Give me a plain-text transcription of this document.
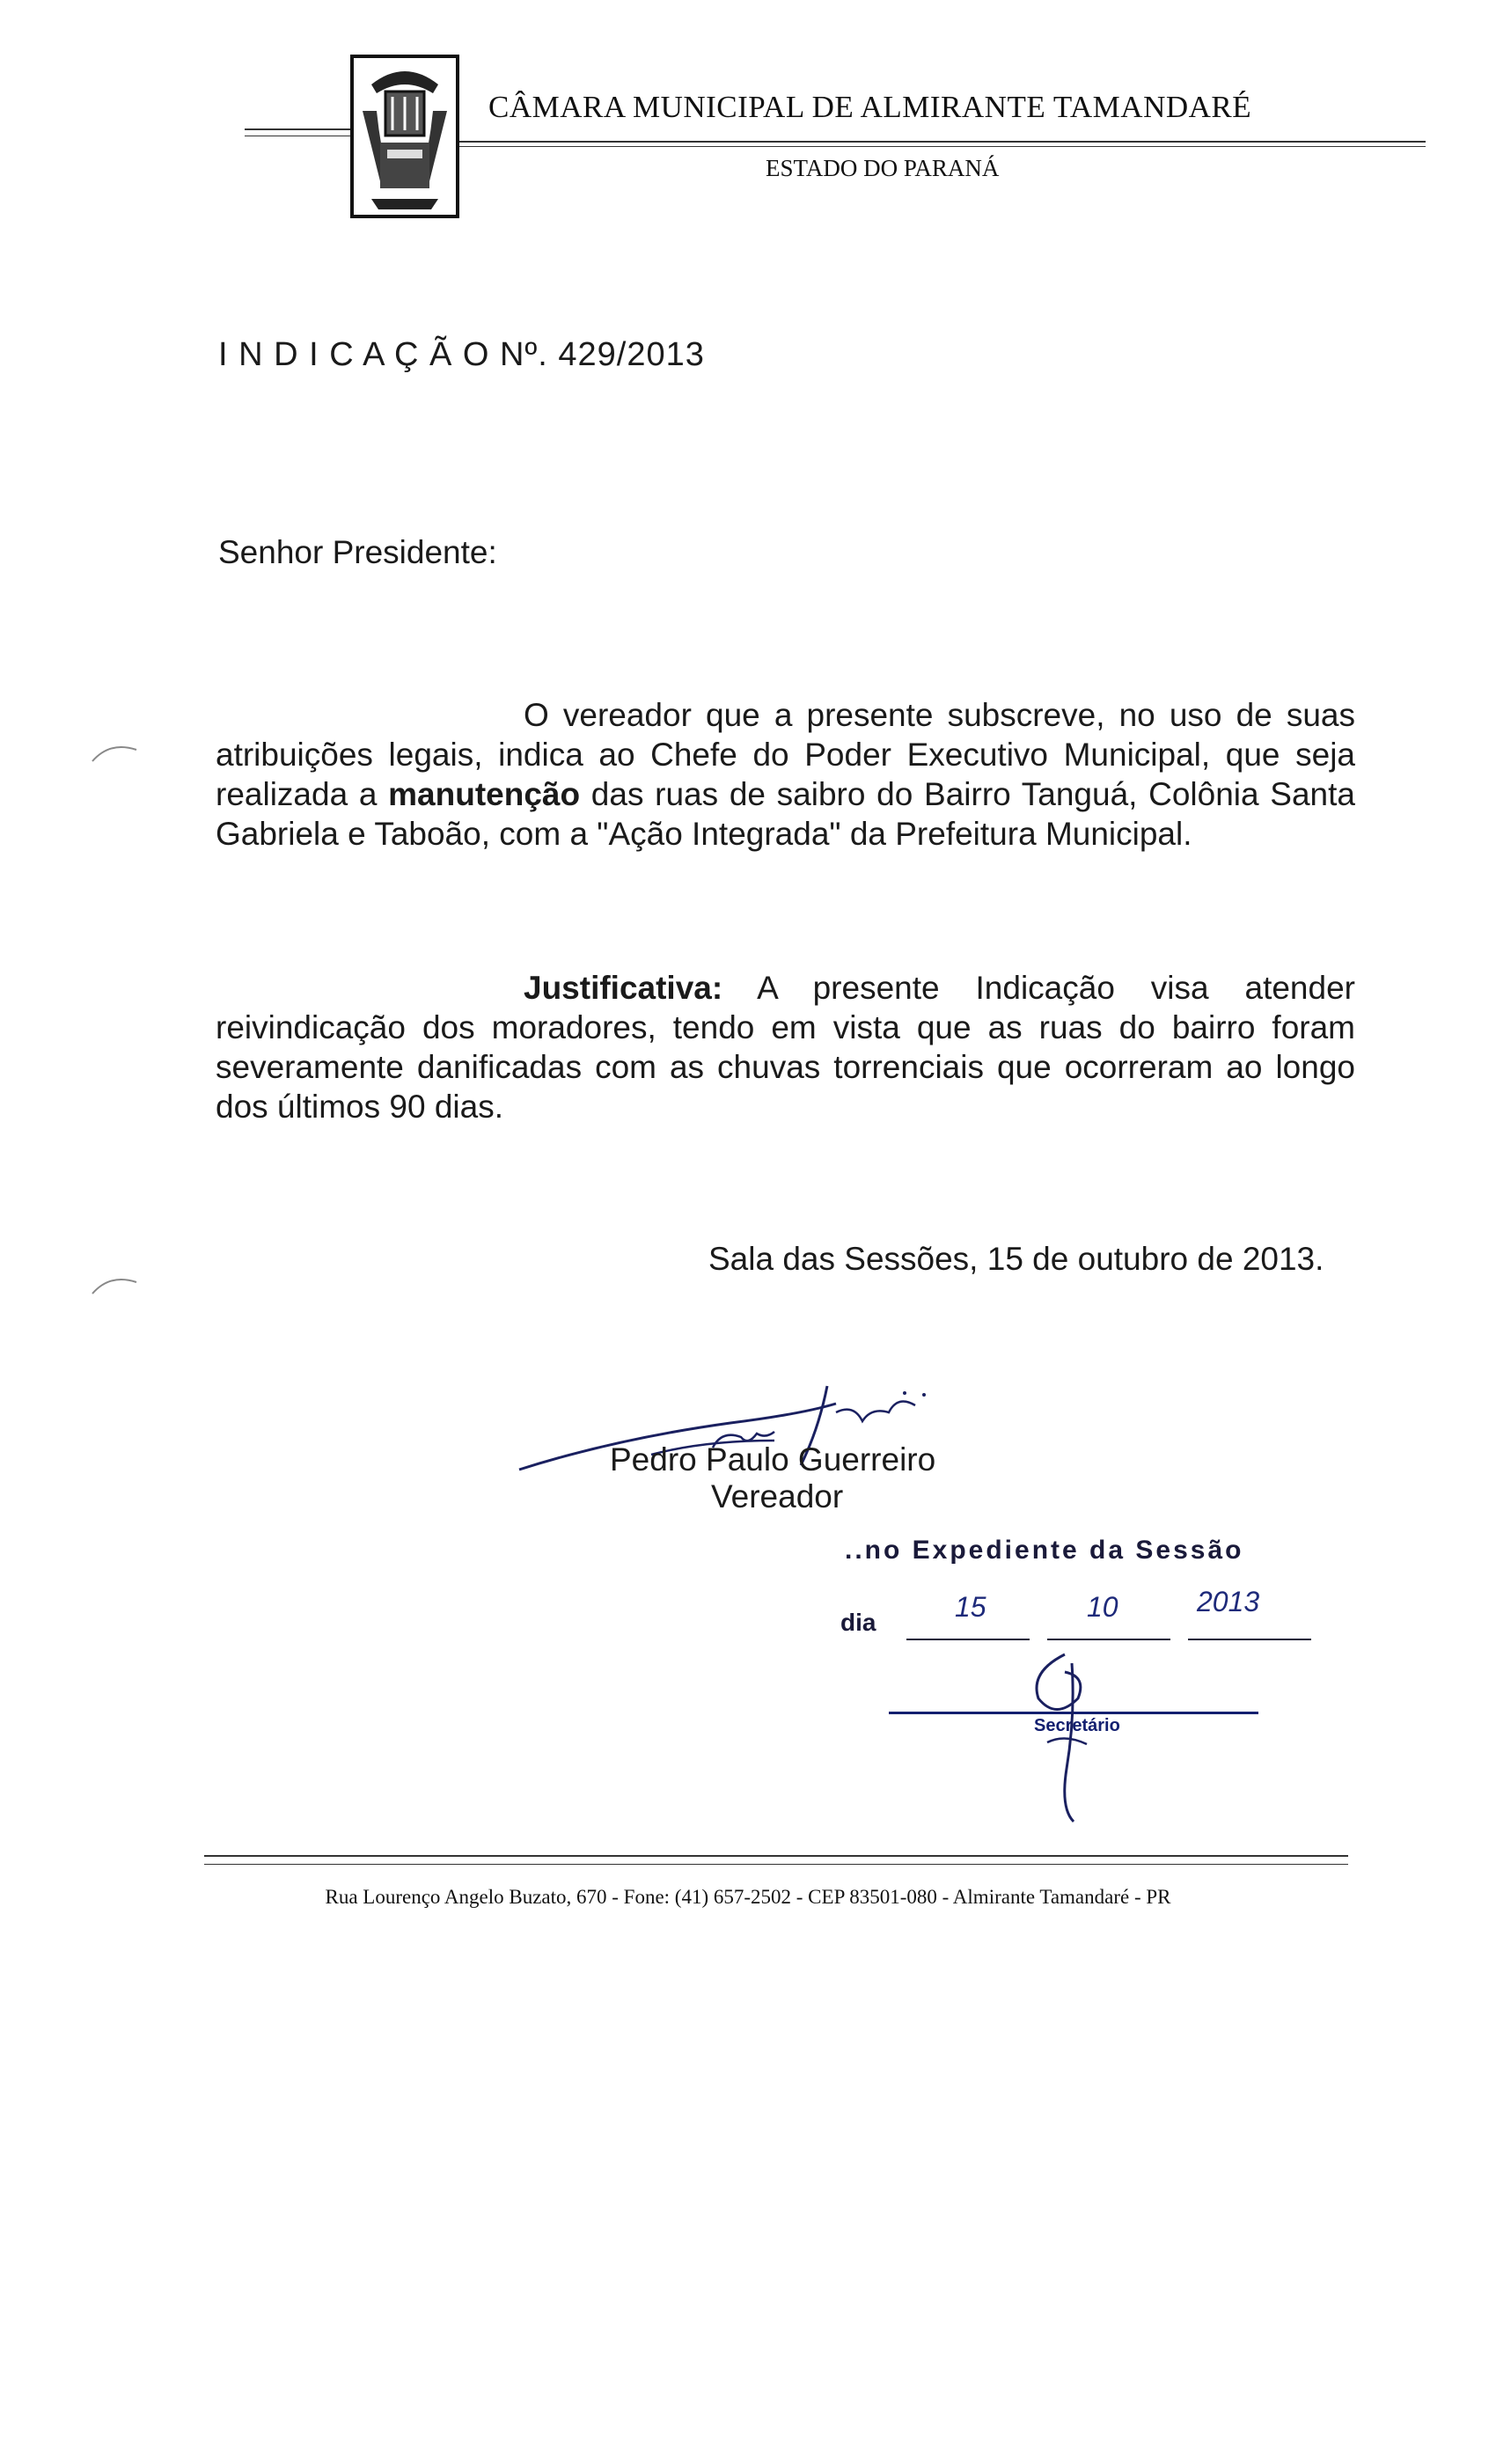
CÂMARA MUNICIPAL DE ALMIRANTE TAMANDARÉ
ESTADO DO PARANÁ
I N D I C A Ç Ã O Nº. 429/2013
Senhor Presidente:
O vereador que a presente subscreve, no uso de suas atribuições legais, indica ao Chefe do Poder Executivo Municipal, que seja realizada a manutenção das ruas de saibro do Bairro Tanguá, Colônia Santa Gabriela e Taboão, com a "Ação Integrada" da Prefeitura Municipal.
Justificativa: A presente Indicação visa atender reivindicação dos moradores, tendo em vista que as ruas do bairro foram severamente danificadas com as chuvas torrenciais que ocorreram ao longo dos últimos 90 dias.
Sala das Sessões, 15 de outubro de 2013.
Pedro Paulo Guerreiro
Vereador
..no Expediente da Sessão
dia	15	10	2013
Secretário
Rua Lourenço Angelo Buzato, 670 - Fone: (41) 657-2502 - CEP 83501-080 - Almirante Tamandaré - PR
